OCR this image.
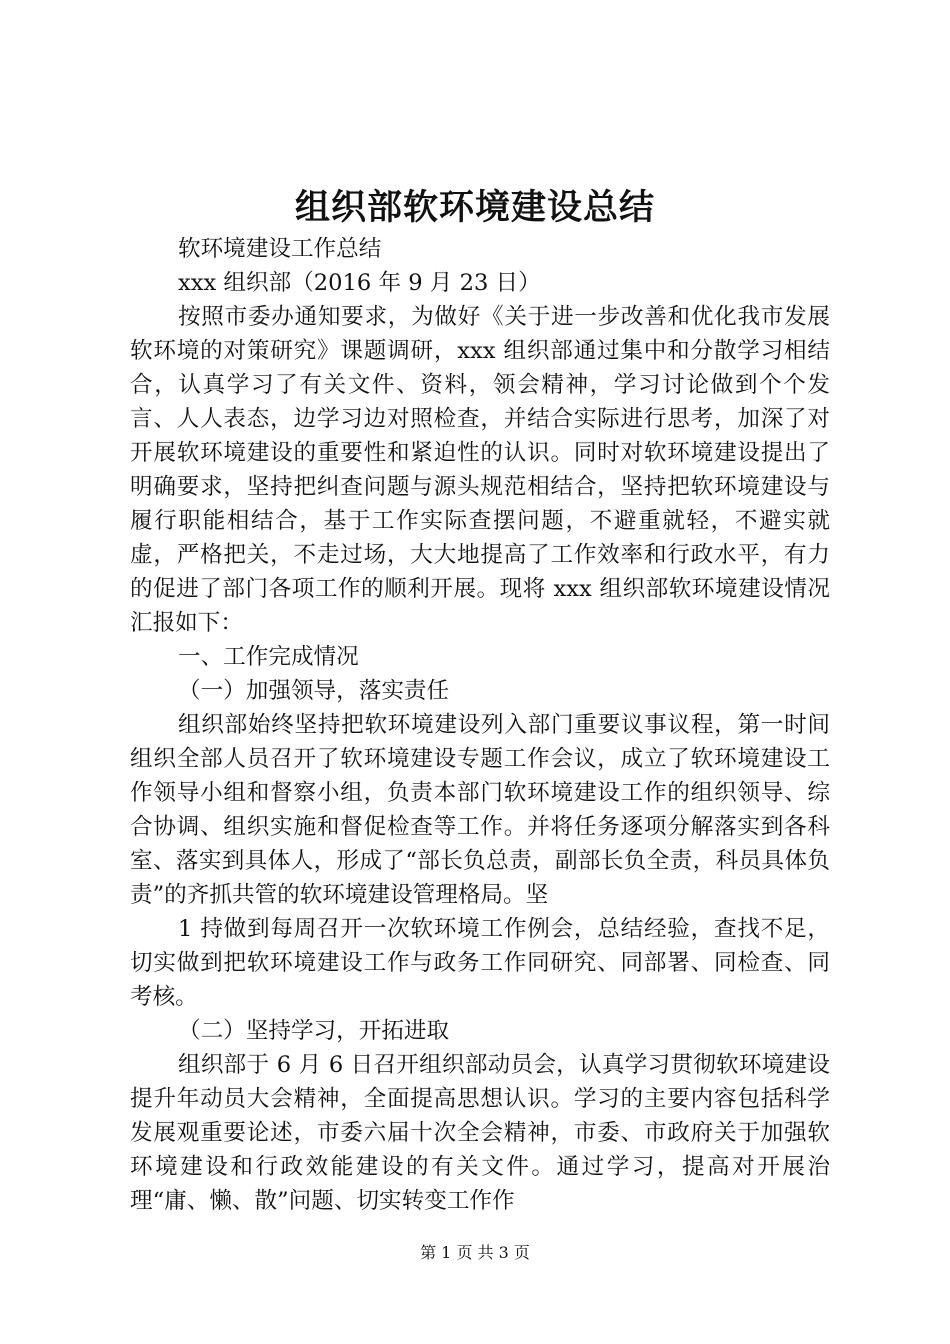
组织部软环境建设总结

软环境建设工作总结

xxx 组织部（2016 年 9 月 23 日）

按照市委办通知要求，为做好《关于进一步改善和优化我市发展软环境的对策研究》课题调研，xxx 组织部通过集中和分散学习相结合，认真学习了有关文件、资料，领会精神，学习讨论做到个个发言、人人表态，边学习边对照检查，并结合实际进行思考，加深了对开展软环境建设的重要性和紧迫性的认识。同时对软环境建设提出了明确要求，坚持把纠查问题与源头规范相结合，坚持把软环境建设与履行职能相结合，基于工作实际查摆问题，不避重就轻，不避实就虚，严格把关，不走过场，大大地提高了工作效率和行政水平，有力的促进了部门各项工作的顺利开展。现将 xxx 组织部软环境建设情况汇报如下：

一、工作完成情况

（一）加强领导，落实责任

组织部始终坚持把软环境建设列入部门重要议事议程，第一时间组织全部人员召开了软环境建设专题工作会议，成立了软环境建设工作领导小组和督察小组，负责本部门软环境建设工作的组织领导、综合协调、组织实施和督促检查等工作。并将任务逐项分解落实到各科室、落实到具体人，形成了“部长负总责，副部长负全责，科员具体负责”的齐抓共管的软环境建设管理格局。坚

1 持做到每周召开一次软环境工作例会，总结经验，查找不足，切实做到把软环境建设工作与政务工作同研究、同部署、同检查、同考核。

（二）坚持学习，开拓进取

组织部于 6 月 6 日召开组织部动员会，认真学习贯彻软环境建设提升年动员大会精神，全面提高思想认识。学习的主要内容包括科学发展观重要论述，市委六届十次全会精神，市委、市政府关于加强软环境建设和行政效能建设的有关文件。通过学习，提高对开展治理“庸、懒、散”问题、切实转变工作作

第 1 页 共 3 页
